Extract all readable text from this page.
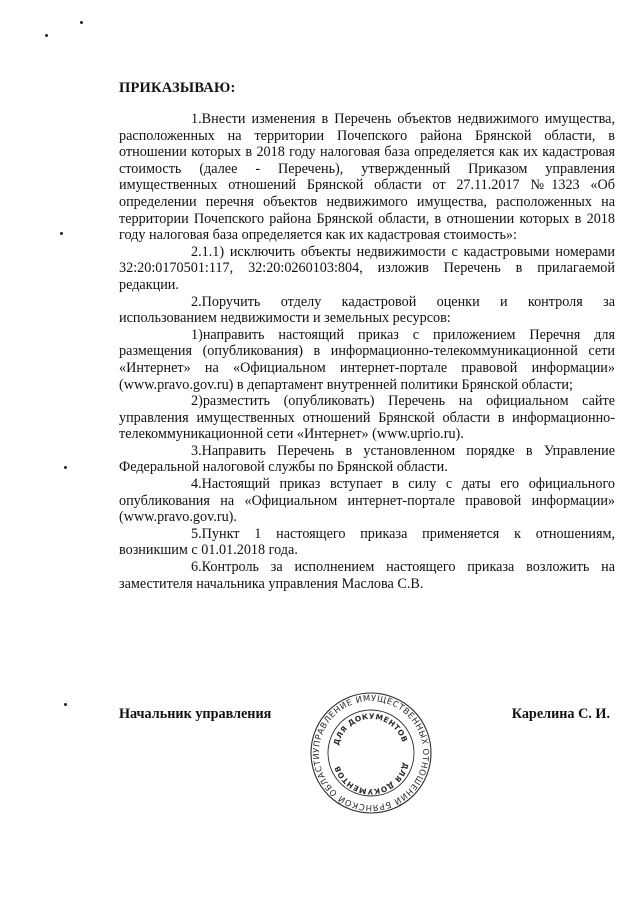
ПРИКАЗЫВАЮ:

1.Внести изменения в Перечень объектов недвижимого имущества, расположенных на территории Почепского района Брянской области, в отношении которых в 2018 году налоговая база определяется как их кадастровая стоимость (далее - Перечень), утвержденный Приказом управления имущественных отношений Брянской области от 27.11.2017 №1323 «Об определении перечня объектов недвижимого имущества, расположенных на территории Почепского района Брянской области, в отношении которых в 2018 году налоговая база определяется как их кадастровая стоимость»:

2.1.1) исключить объекты недвижимости с кадастровыми номерами 32:20:0170501:117, 32:20:0260103:804, изложив Перечень в прилагаемой редакции.

2.Поручить отделу кадастровой оценки и контроля за использованием недвижимости и земельных ресурсов:

1)направить настоящий приказ с приложением Перечня для размещения (опубликования) в информационно-телекоммуникационной сети «Интернет» на «Официальном интернет-портале правовой информации» (www.pravo.gov.ru) в департамент внутренней политики Брянской области;

2)разместить (опубликовать) Перечень на официальном сайте управления имущественных отношений Брянской области в информационно-телекоммуникационной сети «Интернет» (www.uprio.ru).

3.Направить Перечень в установленном порядке в Управление Федеральной налоговой службы по Брянской области.

4.Настоящий приказ вступает в силу с даты его официального опубликования на «Официальном интернет-портале правовой информации» (www.pravo.gov.ru).

5.Пункт 1 настоящего приказа применяется к отношениям, возникшим с 01.01.2018 года.

6.Контроль за исполнением настоящего приказа возложить на заместителя начальника управления Маслова С.В.

Начальник управления	Карелина С. И.
УПРАВЛЕНИЕ ИМУЩЕСТВЕННЫХ ОТНОШЕНИЙ БРЯНСКОЙ ОБЛАСТИ
ДЛЯ ДОКУМЕНТОВ
ДЛЯ ДОКУМЕНТОВ
